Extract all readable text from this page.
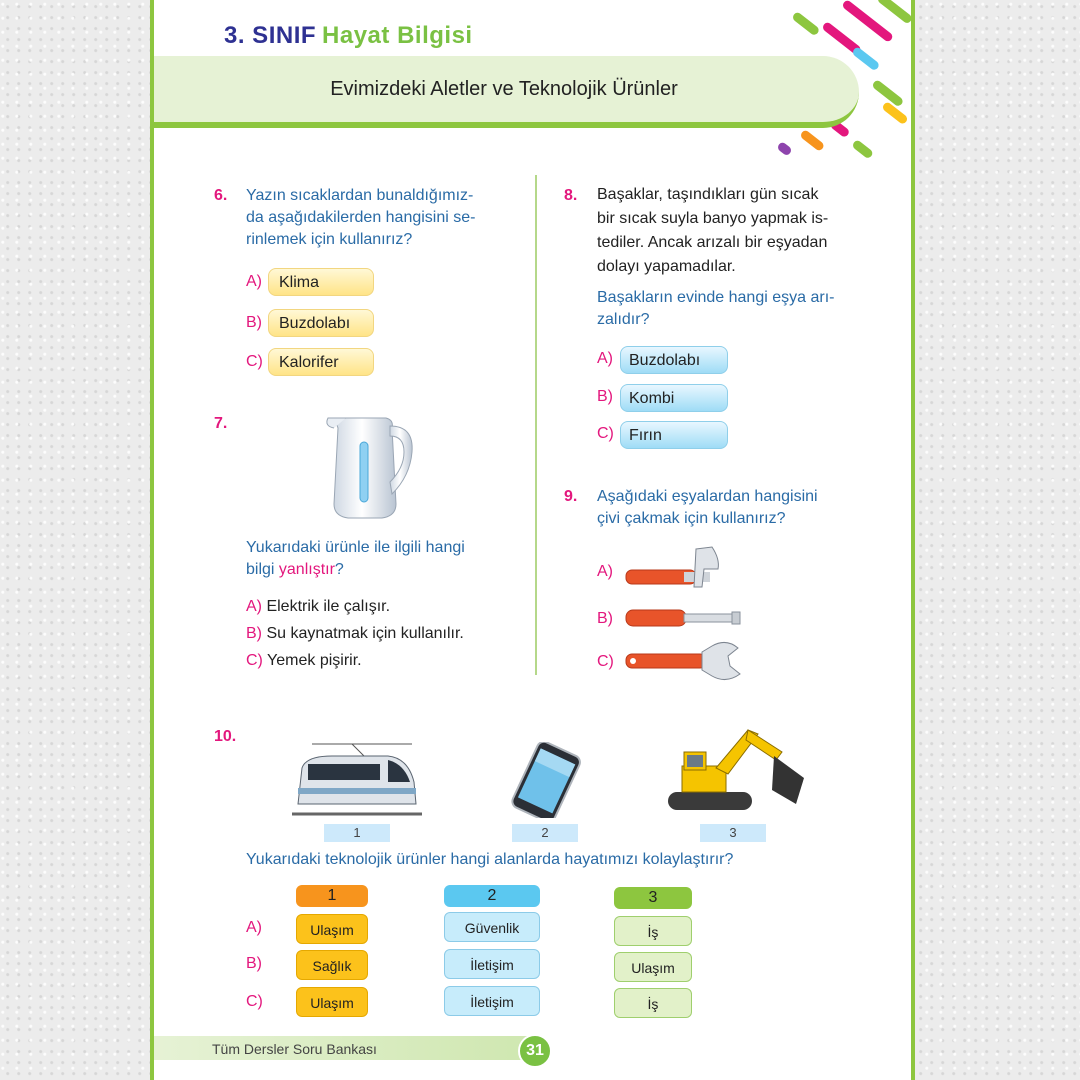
3. SINIF Hayat Bilgisi
Evimizdeki Aletler ve Teknolojik Ürünler
6. Yazın sıcaklardan bunaldığımız-
da aşağıdakilerden hangisini se-
rinlemek için kullanırız?
A)	Klima
B)	Buzdolabı
C)	Kalorifer
7.
Yukarıdaki ürünle ile ilgili hangi
bilgi yanlıştır?
A) Elektrik ile çalışır.
B) Su kaynatmak için kullanılır.
C) Yemek pişirir.
8. Başaklar, taşındıkları gün sıcak
bir sıcak suyla banyo yapmak is-
tediler. Ancak arızalı bir eşyadan
dolayı yapamadılar.
Başakların evinde hangi eşya arı-
zalıdır?
A)	Buzdolabı
B)	Kombi
C) Fırın
9. Aşağıdaki eşyalardan hangisini
çivi çakmak için kullanırız?
A)
B)
C)
10.
1	2	3
Yukarıdaki teknolojik ürünler hangi alanlarda hayatımızı kolaylaştırır?
1	2	3
A)	Ulaşım	Güvenlik	İş
B)	Sağlık	İletişim	Ulaşım
C)	Ulaşım	İletişim	İş
Tüm Dersler Soru Bankası	31
